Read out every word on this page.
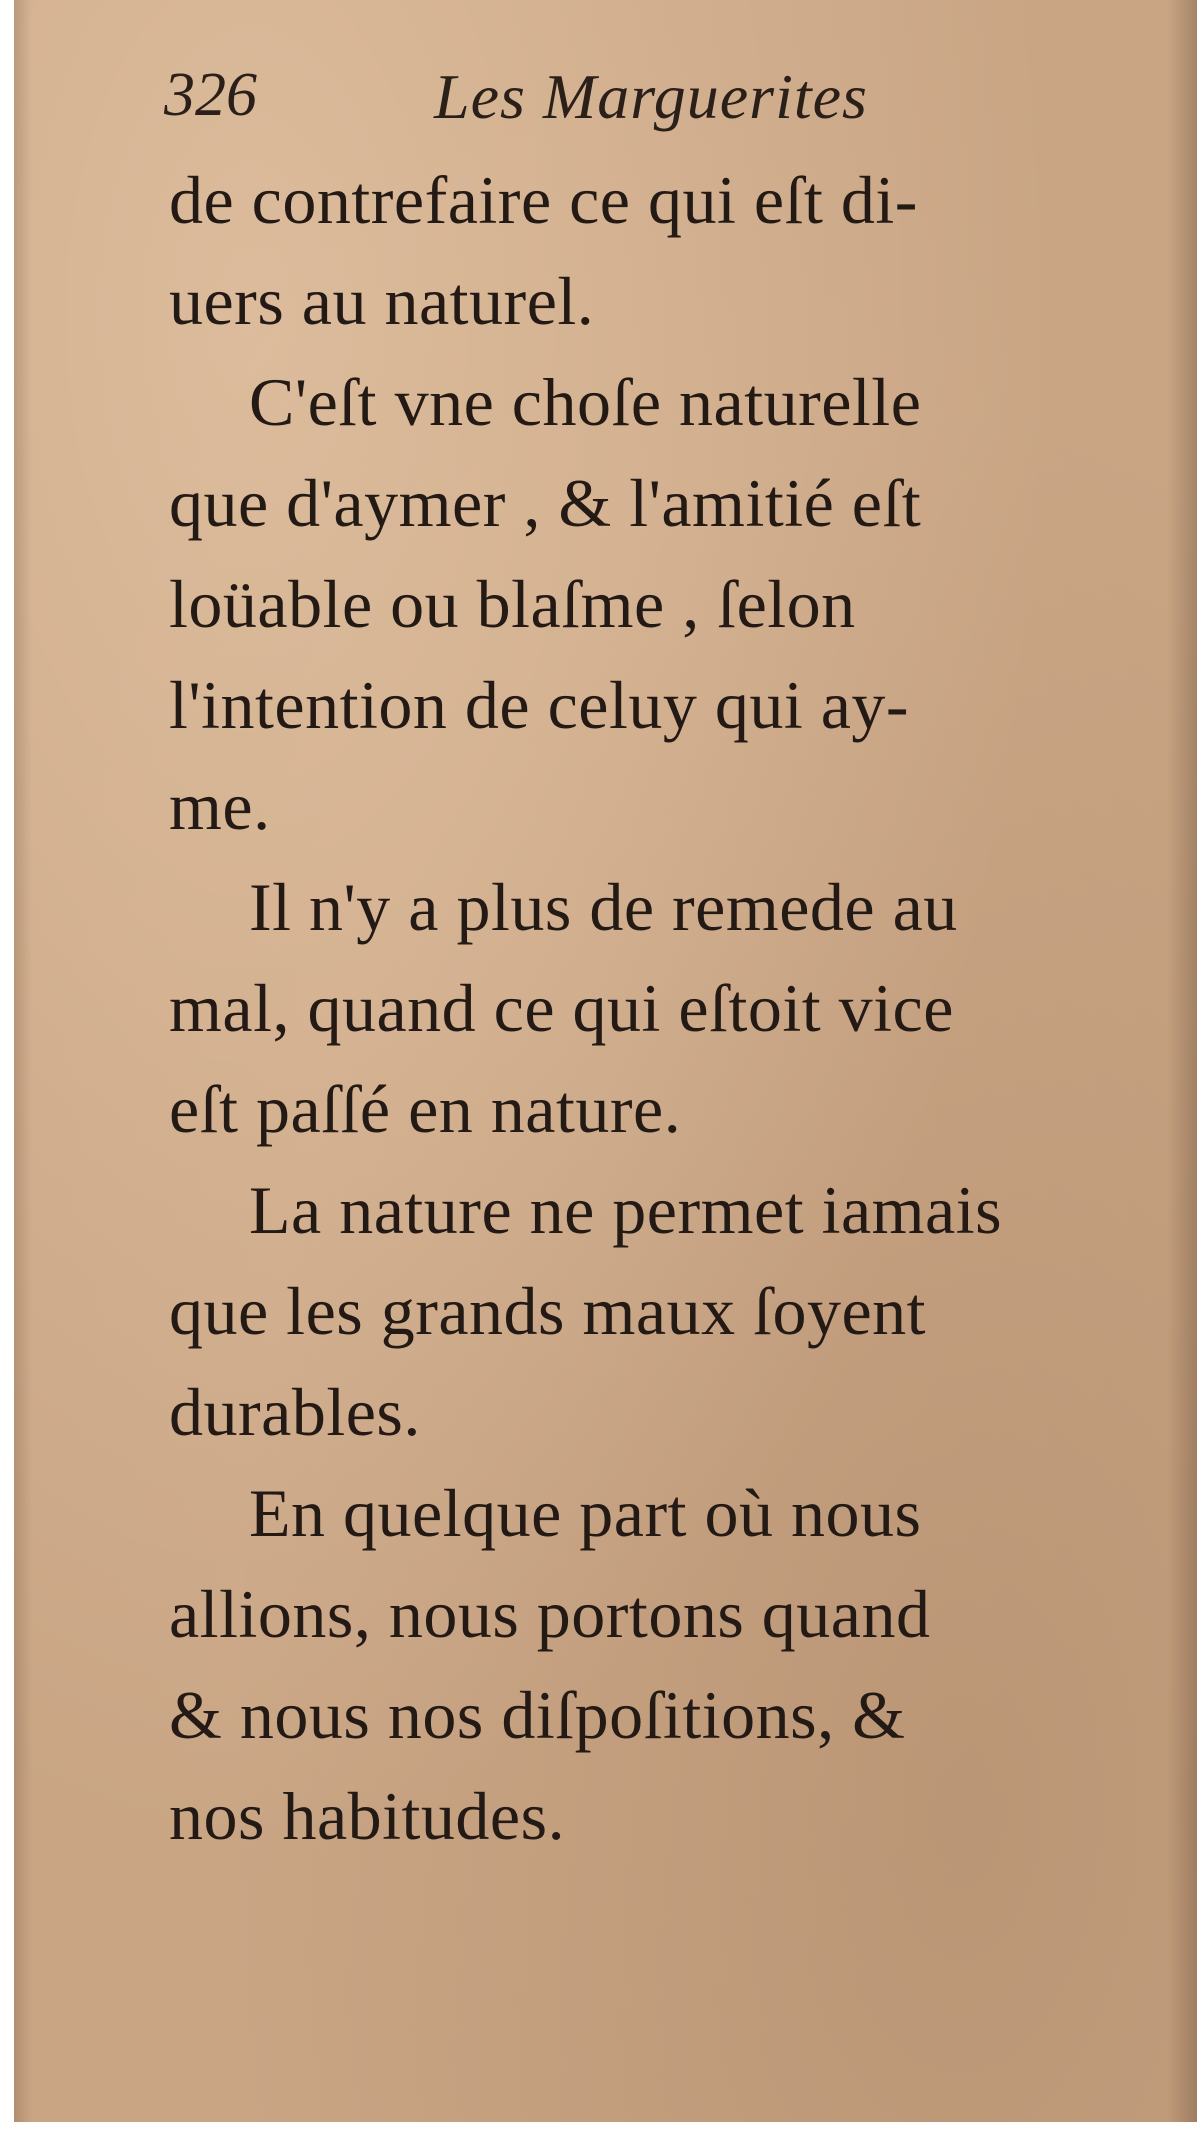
326	Les Marguerites
de contrefaire ce qui eſt di-
uers au naturel.
C'eſt vne choſe naturelle
que d'aymer , & l'amitié eſt
loüable ou blaſme , ſelon
l'intention de celuy qui ay-
me.
Il n'y a plus de remede au
mal, quand ce qui eſtoit vice
eſt paſſé en nature.
La nature ne permet iamais
que les grands maux ſoyent
durables.
En quelque part où nous
allions, nous portons quand
& nous nos diſpoſitions, &
nos habitudes.
